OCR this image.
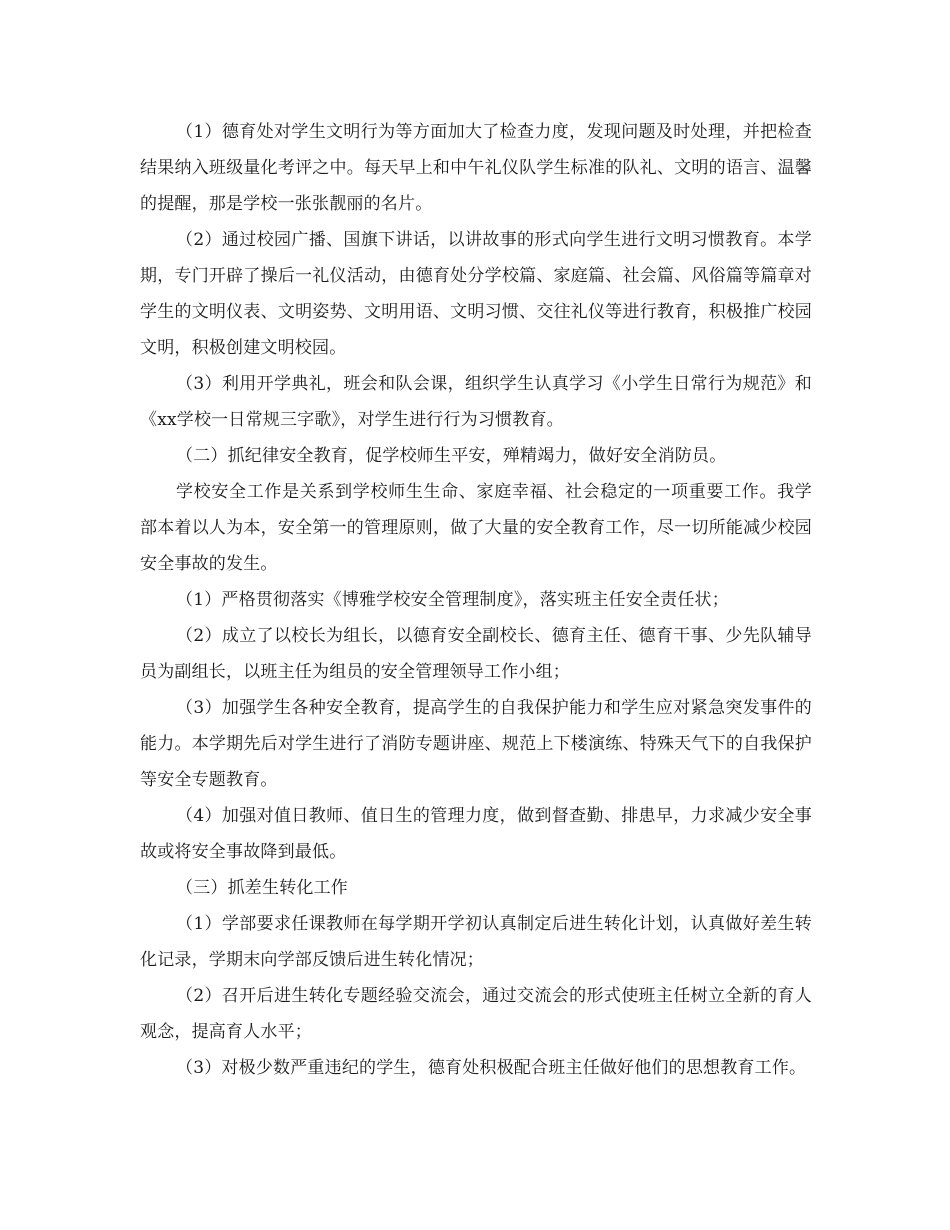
（1）德育处对学生文明行为等方面加大了检查力度，发现问题及时处理，并把检查结果纳入班级量化考评之中。每天早上和中午礼仪队学生标准的队礼、文明的语言、温馨的提醒，那是学校一张张靓丽的名片。

（2）通过校园广播、国旗下讲话，以讲故事的形式向学生进行文明习惯教育。本学期，专门开辟了操后一礼仪活动，由德育处分学校篇、家庭篇、社会篇、风俗篇等篇章对学生的文明仪表、文明姿势、文明用语、文明习惯、交往礼仪等进行教育，积极推广校园文明，积极创建文明校园。

（3）利用开学典礼，班会和队会课，组织学生认真学习《小学生日常行为规范》和《xx学校一日常规三字歌》，对学生进行行为习惯教育。

（二）抓纪律安全教育，促学校师生平安，殚精竭力，做好安全消防员。

学校安全工作是关系到学校师生生命、家庭幸福、社会稳定的一项重要工作。我学部本着以人为本，安全第一的管理原则，做了大量的安全教育工作，尽一切所能减少校园安全事故的发生。

（1）严格贯彻落实《博雅学校安全管理制度》，落实班主任安全责任状；

（2）成立了以校长为组长，以德育安全副校长、德育主任、德育干事、少先队辅导员为副组长，以班主任为组员的安全管理领导工作小组；

（3）加强学生各种安全教育，提高学生的自我保护能力和学生应对紧急突发事件的能力。本学期先后对学生进行了消防专题讲座、规范上下楼演练、特殊天气下的自我保护等安全专题教育。

（4）加强对值日教师、值日生的管理力度，做到督查勤、排患早，力求减少安全事故或将安全事故降到最低。

（三）抓差生转化工作

（1）学部要求任课教师在每学期开学初认真制定后进生转化计划，认真做好差生转化记录，学期末向学部反馈后进生转化情况；

（2）召开后进生转化专题经验交流会，通过交流会的形式使班主任树立全新的育人观念，提高育人水平；

（3）对极少数严重违纪的学生，德育处积极配合班主任做好他们的思想教育工作。
